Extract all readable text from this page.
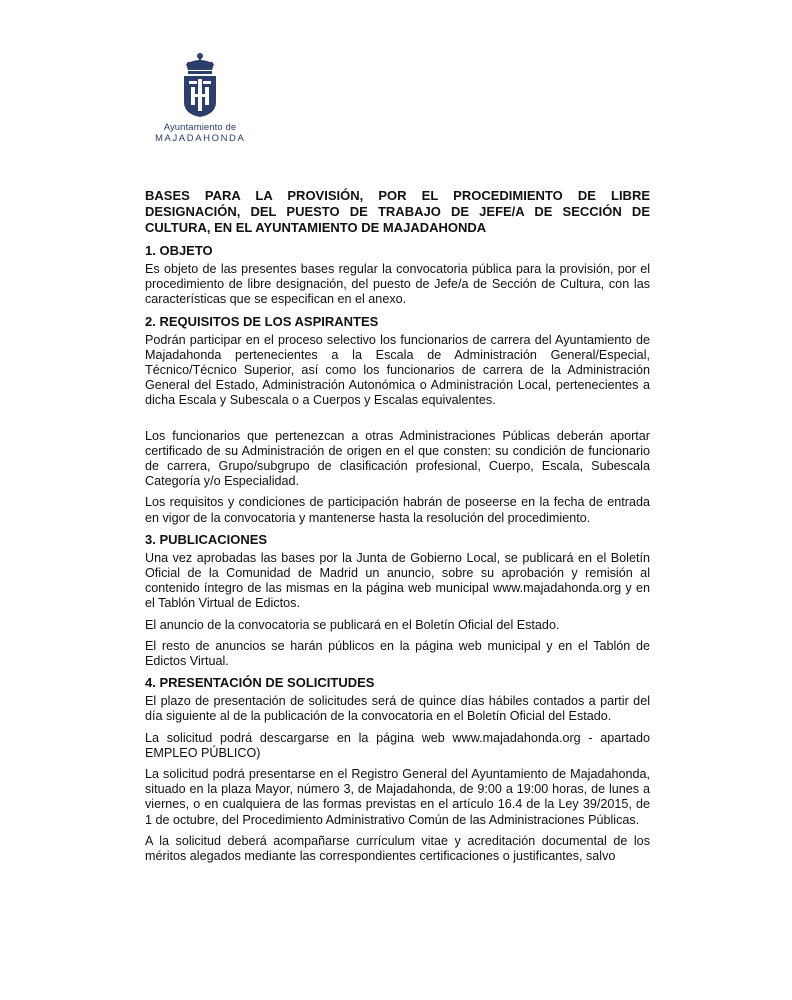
Ayuntamiento de
MAJADAHONDA
BASES PARA LA PROVISIÓN, POR EL PROCEDIMIENTO DE LIBRE DESIGNACIÓN, DEL PUESTO DE TRABAJO DE JEFE/A DE SECCIÓN DE CULTURA, EN EL AYUNTAMIENTO DE MAJADAHONDA
1. OBJETO

Es objeto de las presentes bases regular la convocatoria pública para la provisión, por el procedimiento de libre designación, del puesto de Jefe/a de Sección de Cultura, con las características que se especifican en el anexo.

2. REQUISITOS DE LOS ASPIRANTES

Podrán participar en el proceso selectivo los funcionarios de carrera del Ayuntamiento de Majadahonda pertenecientes a la Escala de Administración General/Especial, Técnico/Técnico Superior, así como los funcionarios de carrera de la Administración General del Estado, Administración Autonómica o Administración Local, pertenecientes a dicha Escala y Subescala o a Cuerpos y Escalas equivalentes.

Los funcionarios que pertenezcan a otras Administraciones Públicas deberán aportar certificado de su Administración de origen en el que consten: su condición de funcionario de carrera, Grupo/subgrupo de clasificación profesional, Cuerpo, Escala, Subescala Categoría y/o Especialidad.

Los requisitos y condiciones de participación habrán de poseerse en la fecha de entrada en vigor de la convocatoria y mantenerse hasta la resolución del procedimiento.

3. PUBLICACIONES

Una vez aprobadas las bases por la Junta de Gobierno Local, se publicará en el Boletín Oficial de la Comunidad de Madrid un anuncio, sobre su aprobación y remisión al contenido íntegro de las mismas en la página web municipal www.majadahonda.org y en el Tablón Virtual de Edictos.

El anuncio de la convocatoria se publicará en el Boletín Oficial del Estado.

El resto de anuncios se harán públicos en la página web municipal y en el Tablón de Edictos Virtual.

4. PRESENTACIÓN DE SOLICITUDES

El plazo de presentación de solicitudes será de quince días hábiles contados a partir del día siguiente al de la publicación de la convocatoria en el Boletín Oficial del Estado.

La solicitud podrá descargarse en la página web www.majadahonda.org - apartado EMPLEO PÚBLICO)

La solicitud podrá presentarse en el Registro General del Ayuntamiento de Majadahonda, situado en la plaza Mayor, número 3, de Majadahonda, de 9:00 a 19:00 horas, de lunes a viernes, o en cualquiera de las formas previstas en el artículo 16.4 de la Ley 39/2015, de 1 de octubre, del Procedimiento Administrativo Común de las Administraciones Públicas.

A la solicitud deberá acompañarse currículum vitae y acreditación documental de los méritos alegados mediante las correspondientes certificaciones o justificantes, salvo
